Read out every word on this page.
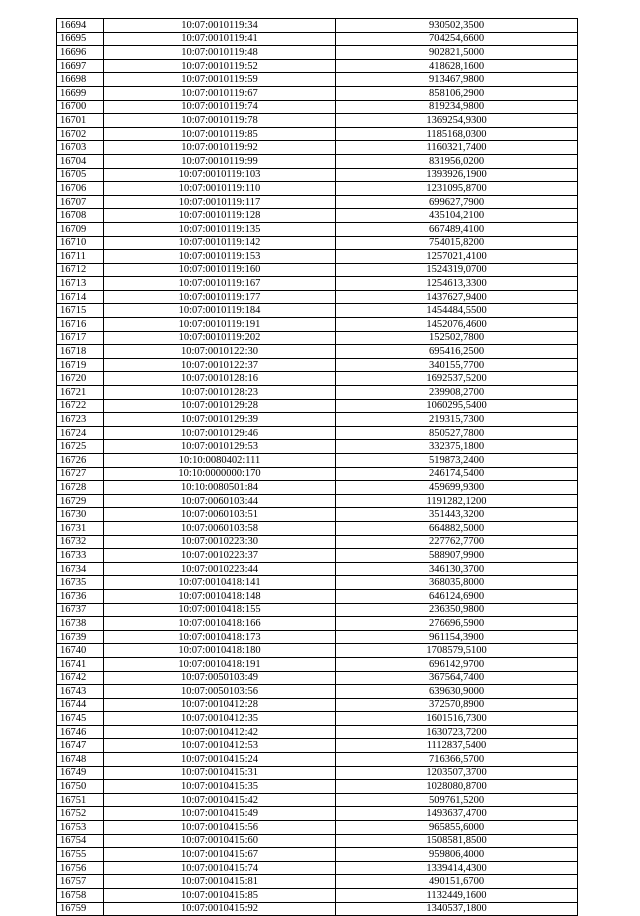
16694	10:07:0010119:34	930502,3500
16695	10:07:0010119:41	704254,6600
16696	10:07:0010119:48	902821,5000
16697	10:07:0010119:52	418628,1600
16698	10:07:0010119:59	913467,9800
16699	10:07:0010119:67	858106,2900
16700	10:07:0010119:74	819234,9800
16701	10:07:0010119:78	1369254,9300
16702	10:07:0010119:85	1185168,0300
16703	10:07:0010119:92	1160321,7400
16704	10:07:0010119:99	831956,0200
16705	10:07:0010119:103	1393926,1900
16706	10:07:0010119:110	1231095,8700
16707	10:07:0010119:117	699627,7900
16708	10:07:0010119:128	435104,2100
16709	10:07:0010119:135	667489,4100
16710	10:07:0010119:142	754015,8200
16711	10:07:0010119:153	1257021,4100
16712	10:07:0010119:160	1524319,0700
16713	10:07:0010119:167	1254613,3300
16714	10:07:0010119:177	1437627,9400
16715	10:07:0010119:184	1454484,5500
16716	10:07:0010119:191	1452076,4600
16717	10:07:0010119:202	152502,7800
16718	10:07:0010122:30	695416,2500
16719	10:07:0010122:37	340155,7700
16720	10:07:0010128:16	1692537,5200
16721	10:07:0010128:23	239908,2700
16722	10:07:0010129:28	1060295,5400
16723	10:07:0010129:39	219315,7300
16724	10:07:0010129:46	850527,7800
16725	10:07:0010129:53	332375,1800
16726	10:10:0080402:111	519873,2400
16727	10:10:0000000:170	246174,5400
16728	10:10:0080501:84	459699,9300
16729	10:07:0060103:44	1191282,1200
16730	10:07:0060103:51	351443,3200
16731	10:07:0060103:58	664882,5000
16732	10:07:0010223:30	227762,7700
16733	10:07:0010223:37	588907,9900
16734	10:07:0010223:44	346130,3700
16735	10:07:0010418:141	368035,8000
16736	10:07:0010418:148	646124,6900
16737	10:07:0010418:155	236350,9800
16738	10:07:0010418:166	276696,5900
16739	10:07:0010418:173	961154,3900
16740	10:07:0010418:180	1708579,5100
16741	10:07:0010418:191	696142,9700
16742	10:07:0050103:49	367564,7400
16743	10:07:0050103:56	639630,9000
16744	10:07:0010412:28	372570,8900
16745	10:07:0010412:35	1601516,7300
16746	10:07:0010412:42	1630723,7200
16747	10:07:0010412:53	1112837,5400
16748	10:07:0010415:24	716366,5700
16749	10:07:0010415:31	1203507,3700
16750	10:07:0010415:35	1028080,8700
16751	10:07:0010415:42	509761,5200
16752	10:07:0010415:49	1493637,4700
16753	10:07:0010415:56	965855,6000
16754	10:07:0010415:60	1508581,8500
16755	10:07:0010415:67	959806,4000
16756	10:07:0010415:74	1339414,4300
16757	10:07:0010415:81	490151,6700
16758	10:07:0010415:85	1132449,1600
16759	10:07:0010415:92	1340537,1800
